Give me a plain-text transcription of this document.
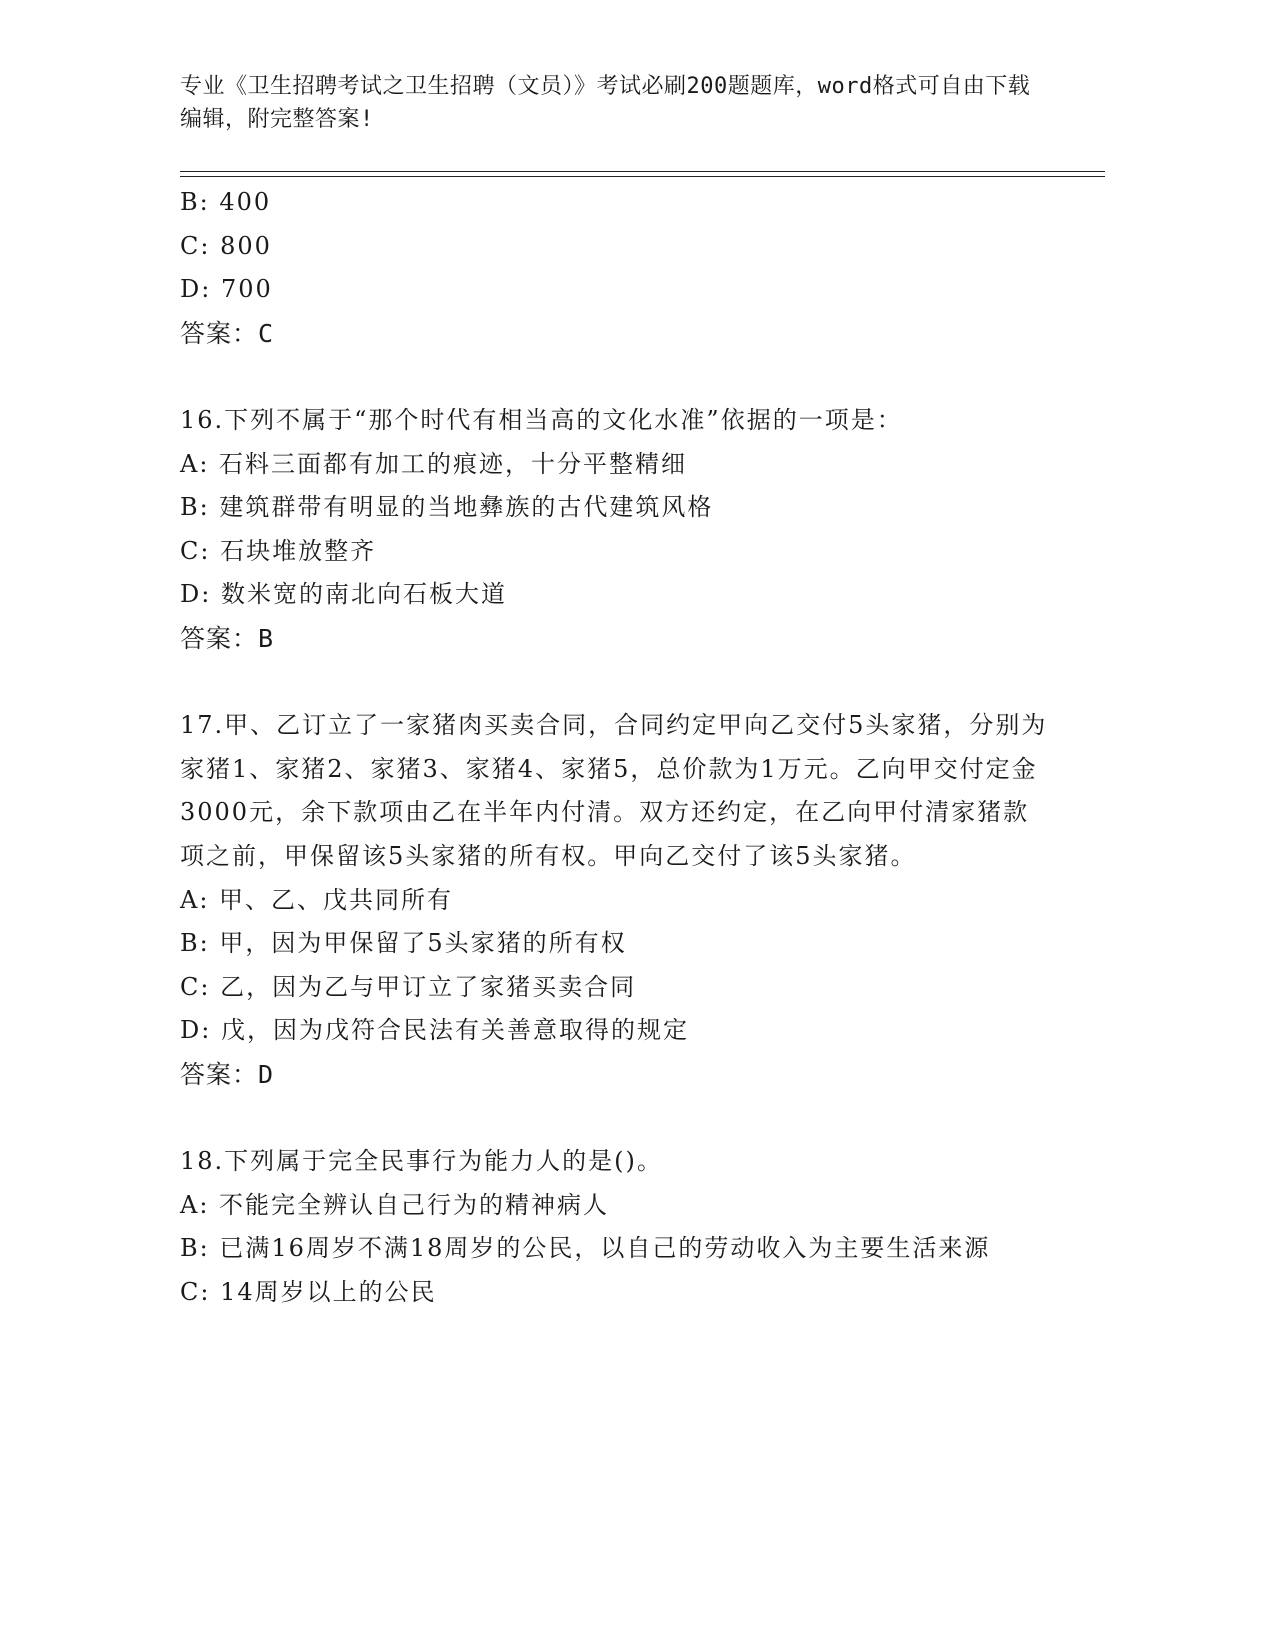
专业《卫生招聘考试之卫生招聘（文员）》考试必刷200题题库，word格式可自由下载编辑，附完整答案!
B: 400
C: 800
D: 700
答案：C
16.下列不属于“那个时代有相当高的文化水准”依据的一项是：
A: 石料三面都有加工的痕迹，十分平整精细
B: 建筑群带有明显的当地彝族的古代建筑风格
C: 石块堆放整齐
D: 数米宽的南北向石板大道
答案：B
17.甲、乙订立了一家猪肉买卖合同，合同约定甲向乙交付5头家猪，分别为家猪1、家猪2、家猪3、家猪4、家猪5，总价款为1万元。乙向甲交付定金3000元，余下款项由乙在半年内付清。双方还约定，在乙向甲付清家猪款项之前，甲保留该5头家猪的所有权。甲向乙交付了该5头家猪。
A: 甲、乙、戊共同所有
B: 甲，因为甲保留了5头家猪的所有权
C: 乙，因为乙与甲订立了家猪买卖合同
D: 戊，因为戊符合民法有关善意取得的规定
答案：D
18.下列属于完全民事行为能力人的是()。
A: 不能完全辨认自己行为的精神病人
B: 已满16周岁不满18周岁的公民，以自己的劳动收入为主要生活来源
C: 14周岁以上的公民
